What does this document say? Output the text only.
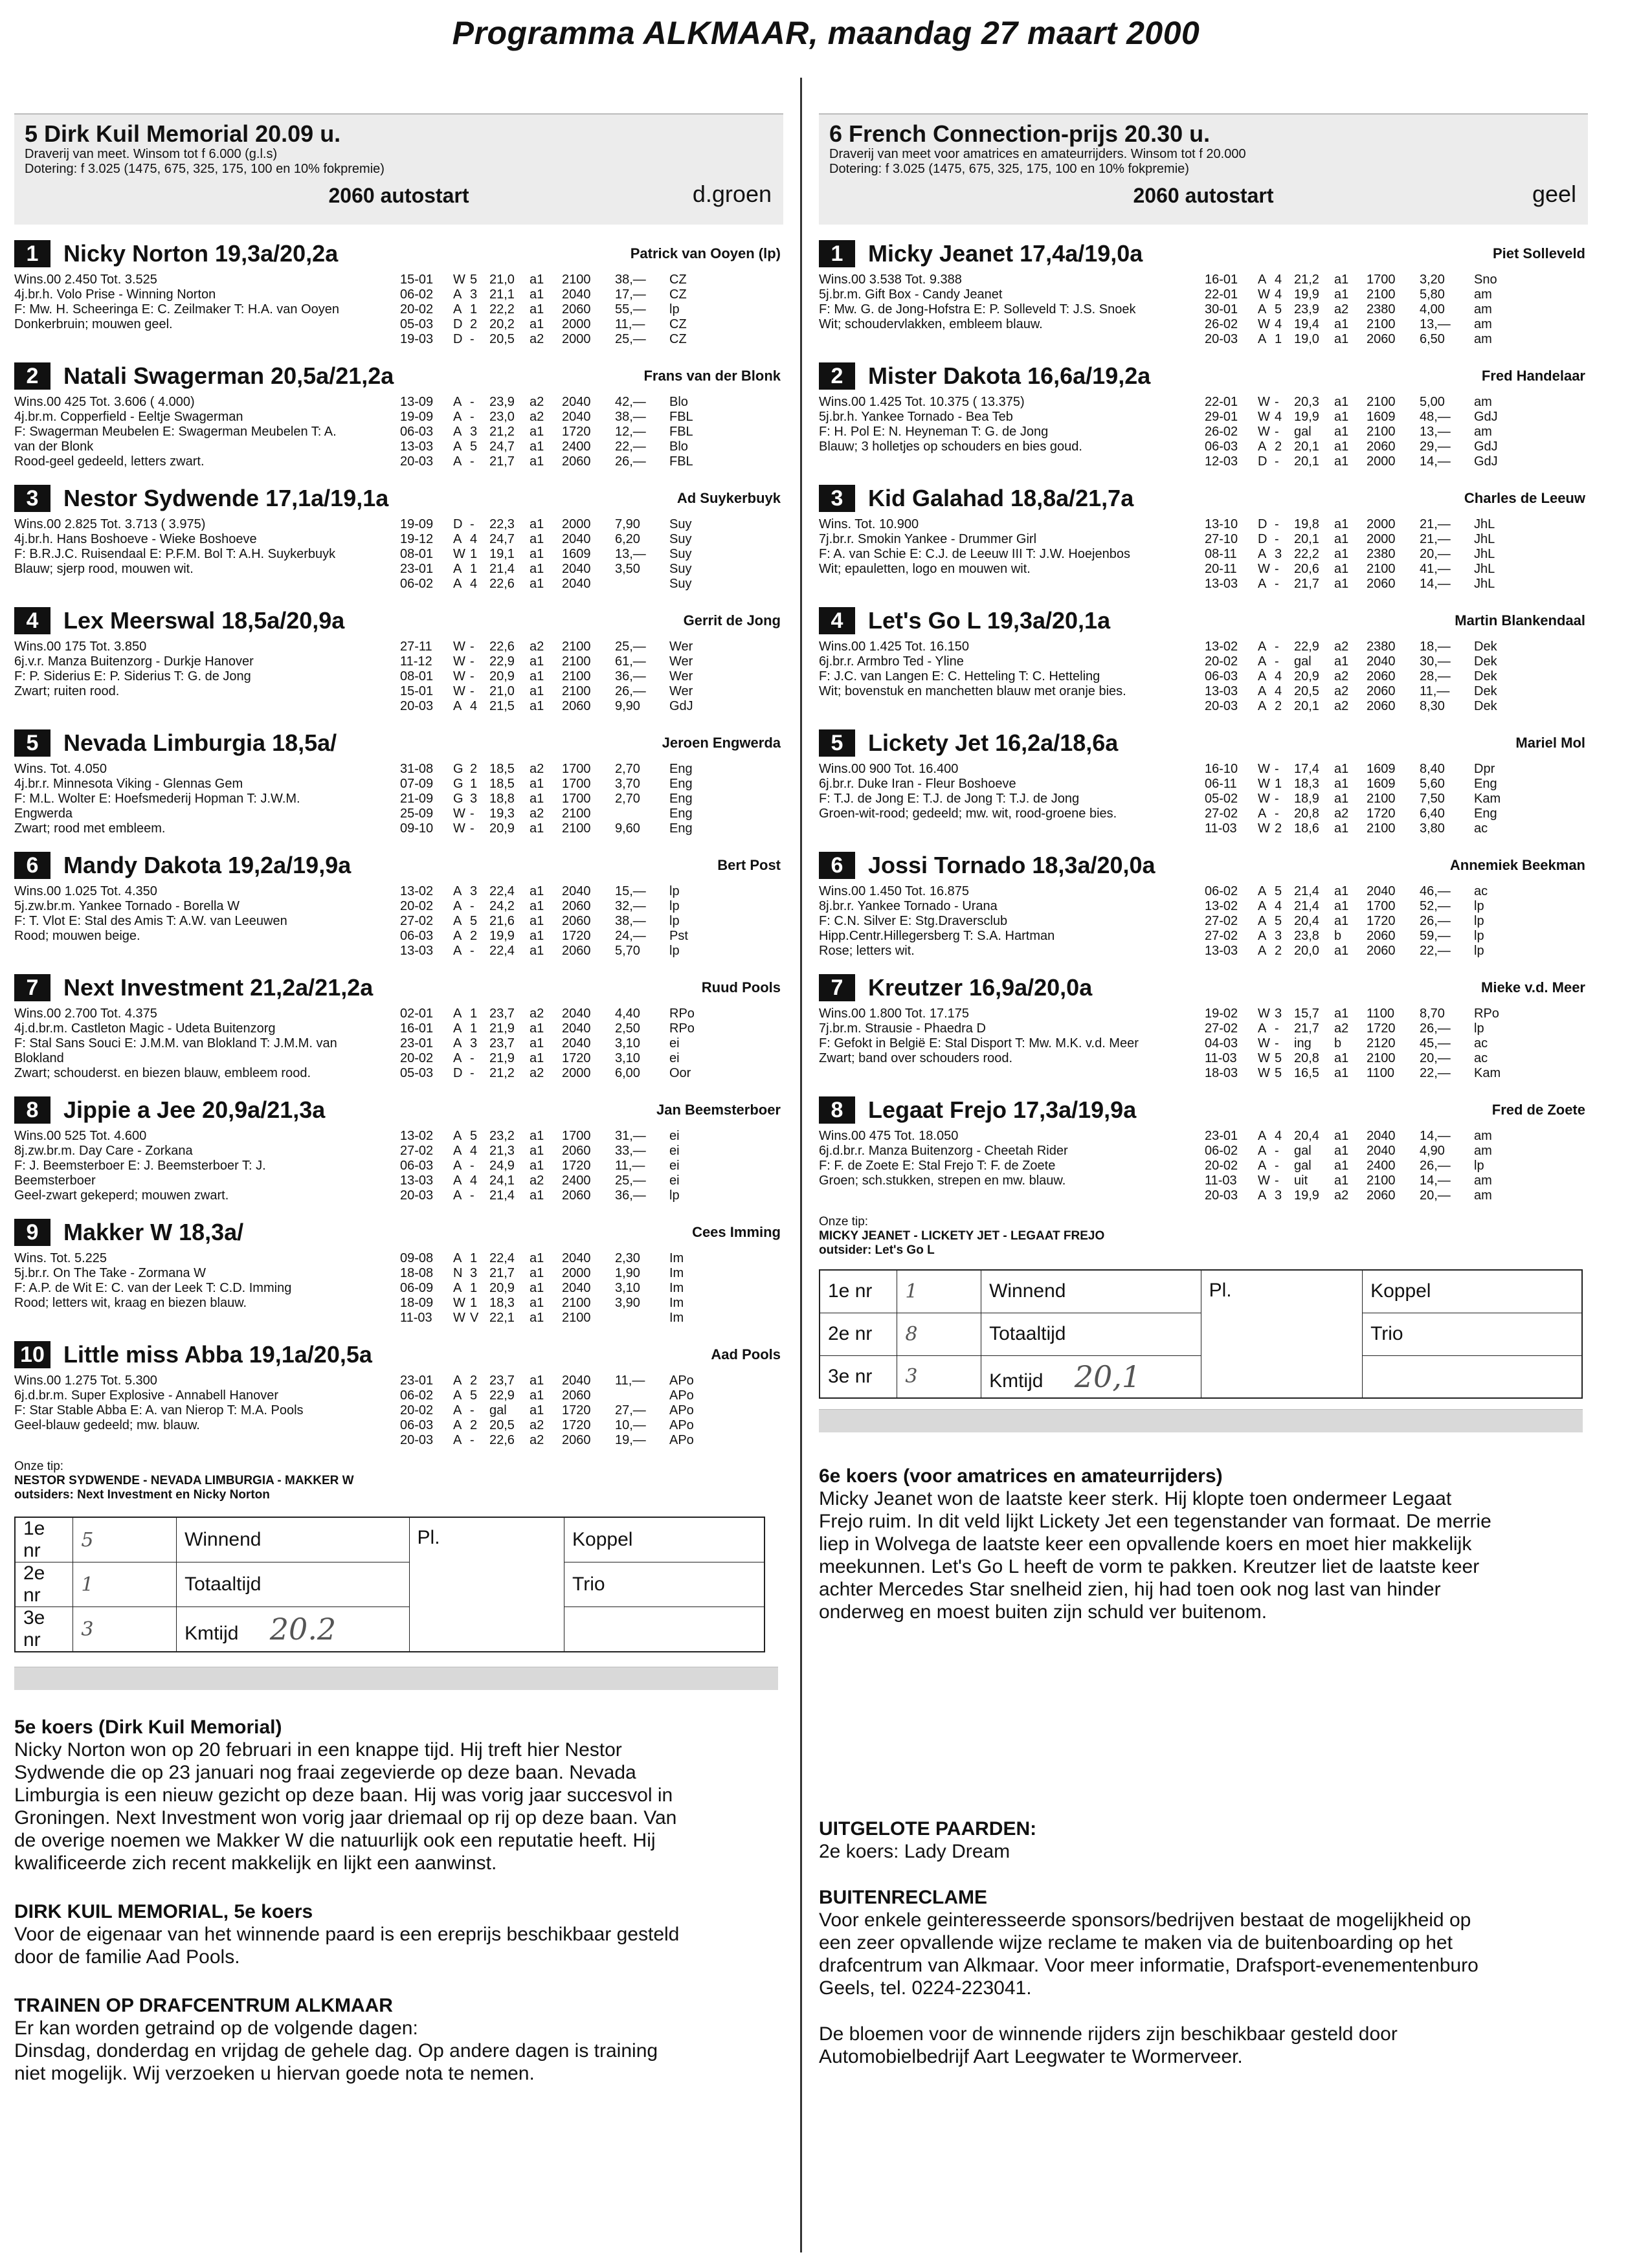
Programma ALKMAAR, maandag 27 maart 2000
5 Dirk Kuil Memorial 20.09 u.
Draverij van meet. Winsom tot f 6.000 (g.l.s)
Dotering: f 3.025 (1475, 675, 325, 175, 100 en 10% fokpremie)
2060 autostart	d.groen
1	Nicky Norton 19,3a/20,2a	Patrick van Ooyen (lp)
Wins.00 2.450 Tot. 3.525
4j.br.h. Volo Prise - Winning Norton
F: Mw. H. Scheeringa E: C. Zeilmaker T: H.A. van Ooyen
Donkerbruin; mouwen geel.
15-01	W	5	21,0	a1	2100	38,—	CZ
06-02	A	3	21,1	a1	2040	17,—	CZ
20-02	A	1	22,2	a1	2060	55,—	lp
05-03	D	2	20,2	a1	2000	11,—	CZ
19-03	D	-	20,5	a2	2000	25,—	CZ
2	Natali Swagerman 20,5a/21,2a	Frans van der Blonk
Wins.00 425 Tot. 3.606 ( 4.000)
4j.br.m. Copperfield - Eeltje Swagerman
F: Swagerman Meubelen E: Swagerman Meubelen T: A.
van der Blonk
Rood-geel gedeeld, letters zwart.
13-09	A	-	23,9	a2	2040	42,—	Blo
19-09	A	-	23,0	a2	2040	38,—	FBL
06-03	A	3	21,2	a1	1720	12,—	FBL
13-03	A	5	24,7	a1	2400	22,—	Blo
20-03	A	-	21,7	a1	2060	26,—	FBL
3	Nestor Sydwende 17,1a/19,1a	Ad Suykerbuyk
Wins.00 2.825 Tot. 3.713 ( 3.975)
4j.br.h. Hans Boshoeve - Wieke Boshoeve
F: B.R.J.C. Ruisendaal E: P.F.M. Bol T: A.H. Suykerbuyk
Blauw; sjerp rood, mouwen wit.
19-09	D	-	22,3	a1	2000	7,90	Suy
19-12	A	4	24,7	a1	2040	6,20	Suy
08-01	W	1	19,1	a1	1609	13,—	Suy
23-01	A	1	21,4	a1	2040	3,50	Suy
06-02	A	4	22,6	a1	2040		Suy
4	Lex Meerswal 18,5a/20,9a	Gerrit de Jong
Wins.00 175 Tot. 3.850
6j.v.r. Manza Buitenzorg - Durkje Hanover
F: P. Siderius E: P. Siderius T: G. de Jong
Zwart; ruiten rood.
27-11	W	-	22,6	a2	2100	25,—	Wer
11-12	W	-	22,9	a1	2100	61,—	Wer
08-01	W	-	20,9	a1	2100	36,—	Wer
15-01	W	-	21,0	a1	2100	26,—	Wer
20-03	A	4	21,5	a1	2060	9,90	GdJ
5	Nevada Limburgia 18,5a/	Jeroen Engwerda
Wins. Tot. 4.050
4j.br.r. Minnesota Viking - Glennas Gem
F: M.L. Wolter E: Hoefsmederij Hopman T: J.W.M.
Engwerda
Zwart; rood met embleem.
31-08	G	2	18,5	a2	1700	2,70	Eng
07-09	G	1	18,5	a1	1700	3,70	Eng
21-09	G	3	18,8	a1	1700	2,70	Eng
25-09	W	-	19,3	a2	2100		Eng
09-10	W	-	20,9	a1	2100	9,60	Eng
6	Mandy Dakota 19,2a/19,9a	Bert Post
Wins.00 1.025 Tot. 4.350
5j.zw.br.m. Yankee Tornado - Borella W
F: T. Vlot E: Stal des Amis T: A.W. van Leeuwen
Rood; mouwen beige.
13-02	A	3	22,4	a1	2040	15,—	lp
20-02	A	-	24,2	a1	2060	32,—	lp
27-02	A	5	21,6	a1	2060	38,—	lp
06-03	A	2	19,9	a1	1720	24,—	Pst
13-03	A	-	22,4	a1	2060	5,70	lp
7	Next Investment 21,2a/21,2a	Ruud Pools
Wins.00 2.700 Tot. 4.375
4j.d.br.m. Castleton Magic - Udeta Buitenzorg
F: Stal Sans Souci E: J.M.M. van Blokland T: J.M.M. van
Blokland
Zwart; schouderst. en biezen blauw, embleem rood.
02-01	A	1	23,7	a2	2040	4,40	RPo
16-01	A	1	21,9	a1	2040	2,50	RPo
23-01	A	3	23,7	a1	2040	3,10	ei
20-02	A	-	21,9	a1	1720	3,10	ei
05-03	D	-	21,2	a2	2000	6,00	Oor
8	Jippie a Jee 20,9a/21,3a	Jan Beemsterboer
Wins.00 525 Tot. 4.600
8j.zw.br.m. Day Care - Zorkana
F: J. Beemsterboer E: J. Beemsterboer T: J.
Beemsterboer
Geel-zwart gekeperd; mouwen zwart.
13-02	A	5	23,2	a1	1700	31,—	ei
27-02	A	4	21,3	a1	2060	33,—	ei
06-03	A	-	24,9	a1	1720	11,—	ei
13-03	A	4	24,1	a2	2400	25,—	ei
20-03	A	-	21,4	a1	2060	36,—	lp
9	Makker W 18,3a/	Cees Imming
Wins. Tot. 5.225
5j.br.r. On The Take - Zormana W
F: A.P. de Wit E: C. van der Leek T: C.D. Imming
Rood; letters wit, kraag en biezen blauw.
09-08	A	1	22,4	a1	2040	2,30	Im
18-08	N	3	21,7	a1	2000	1,90	Im
06-09	A	1	20,9	a1	2040	3,10	Im
18-09	W	1	18,3	a1	2100	3,90	Im
11-03	W	V	22,1	a1	2100		Im
10 Little miss Abba 19,1a/20,5a	Aad Pools
Wins.00 1.275 Tot. 5.300
6j.d.br.m. Super Explosive - Annabell Hanover
F: Star Stable Abba E: A. van Nierop T: M.A. Pools
Geel-blauw gedeeld; mw. blauw.
23-01	A	2	23,7	a1	2040	11,—	APo
06-02	A	5	22,9	a1	2060		APo
20-02	A	-	gal	a1	1720	27,—	APo
06-03	A	2	20,5	a2	1720	10,—	APo
20-03	A	-	22,6	a2	2060	19,—	APo
Onze tip:
NESTOR SYDWENDE - NEVADA LIMBURGIA - MAKKER W
outsiders: Next Investment en Nicky Norton
1e nr	5	Winnend	Pl.	Koppel
2e nr	1	Totaaltijd		Trio
3e nr	3	Kmtijd 20.2		
5e koers (Dirk Kuil Memorial)
Nicky Norton won op 20 februari in een knappe tijd. Hij treft hier Nestor
Sydwende die op 23 januari nog fraai zegevierde op deze baan. Nevada
Limburgia is een nieuw gezicht op deze baan. Hij was vorig jaar succesvol in
Groningen. Next Investment won vorig jaar driemaal op rij op deze baan. Van
de overige noemen we Makker W die natuurlijk ook een reputatie heeft. Hij
kwalificeerde zich recent makkelijk en lijkt een aanwinst.
DIRK KUIL MEMORIAL, 5e koers
Voor de eigenaar van het winnende paard is een ereprijs beschikbaar gesteld
door de familie Aad Pools.
TRAINEN OP DRAFCENTRUM ALKMAAR
Er kan worden getraind op de volgende dagen:
Dinsdag, donderdag en vrijdag de gehele dag. Op andere dagen is training
niet mogelijk. Wij verzoeken u hiervan goede nota te nemen.
6 French Connection-prijs 20.30 u.
Draverij van meet voor amatrices en amateurrijders. Winsom tot f 20.000
Dotering: f 3.025 (1475, 675, 325, 175, 100 en 10% fokpremie)
2060 autostart	geel
1	Micky Jeanet 17,4a/19,0a	Piet Solleveld
Wins.00 3.538 Tot. 9.388
5j.br.m. Gift Box - Candy Jeanet
F: Mw. G. de Jong-Hofstra E: P. Solleveld T: J.S. Snoek
Wit; schoudervlakken, embleem blauw.
16-01	A	4	21,2	a1	1700	3,20	Sno
22-01	W	4	19,9	a1	2100	5,80	am
30-01	A	5	23,9	a2	2380	4,00	am
26-02	W	4	19,4	a1	2100	13,—	am
20-03	A	1	19,0	a1	2060	6,50	am
2	Mister Dakota 16,6a/19,2a	Fred Handelaar
Wins.00 1.425 Tot. 10.375 ( 13.375)
5j.br.h. Yankee Tornado - Bea Teb
F: H. Pol E: N. Heyneman T: G. de Jong
Blauw; 3 holletjes op schouders en bies goud.
22-01	W	-	20,3	a1	2100	5,00	am
29-01	W	4	19,9	a1	1609	48,—	GdJ
26-02	W	-	gal	a1	2100	13,—	am
06-03	A	2	20,1	a1	2060	29,—	GdJ
12-03	D	-	20,1	a1	2000	14,—	GdJ
3	Kid Galahad 18,8a/21,7a	Charles de Leeuw
Wins. Tot. 10.900
7j.br.r. Smokin Yankee - Drummer Girl
F: A. van Schie E: C.J. de Leeuw III T: J.W. Hoejenbos
Wit; epauletten, logo en mouwen wit.
13-10	D	-	19,8	a1	2000	21,—	JhL
27-10	D	-	20,1	a1	2000	21,—	JhL
08-11	A	3	22,2	a1	2380	20,—	JhL
20-11	W	-	20,6	a1	2100	41,—	JhL
13-03	A	-	21,7	a1	2060	14,—	JhL
4	Let's Go L 19,3a/20,1a	Martin Blankendaal
Wins.00 1.425 Tot. 16.150
6j.br.r. Armbro Ted - Yline
F: J.C. van Langen E: C. Hetteling T: C. Hetteling
Wit; bovenstuk en manchetten blauw met oranje bies.
13-02	A	-	22,9	a2	2380	18,—	Dek
20-02	A	-	gal	a1	2040	30,—	Dek
06-03	A	4	20,9	a2	2060	28,—	Dek
13-03	A	4	20,5	a2	2060	11,—	Dek
20-03	A	2	20,1	a2	2060	8,30	Dek
5	Lickety Jet 16,2a/18,6a	Mariel Mol
Wins.00 900 Tot. 16.400
6j.br.r. Duke Iran - Fleur Boshoeve
F: T.J. de Jong E: T.J. de Jong T: T.J. de Jong
Groen-wit-rood; gedeeld; mw. wit, rood-groene bies.
16-10	W	-	17,4	a1	1609	8,40	Dpr
06-11	W	1	18,3	a1	1609	5,60	Eng
05-02	W	-	18,9	a1	2100	7,50	Kam
27-02	A	-	20,8	a2	1720	6,40	Eng
11-03	W	2	18,6	a1	2100	3,80	ac
6	Jossi Tornado 18,3a/20,0a	Annemiek Beekman
Wins.00 1.450 Tot. 16.875
8j.br.r. Yankee Tornado - Urana
F: C.N. Silver E: Stg.Draversclub
Hipp.Centr.Hillegersberg T: S.A. Hartman
Rose; letters wit.
06-02	A	5	21,4	a1	2040	46,—	ac
13-02	A	4	21,4	a1	1700	52,—	lp
27-02	A	5	20,4	a1	1720	26,—	lp
27-02	A	3	23,8	b	2060	59,—	lp
13-03	A	2	20,0	a1	2060	22,—	lp
7	Kreutzer 16,9a/20,0a	Mieke v.d. Meer
Wins.00 1.800 Tot. 17.175
7j.br.m. Strausie - Phaedra D
F: Gefokt in België E: Stal Disport T: Mw. M.K. v.d. Meer
Zwart; band over schouders rood.
19-02	W	3	15,7	a1	1100	8,70	RPo
27-02	A	-	21,7	a2	1720	26,—	lp
04-03	W	-	ing	b	2120	45,—	ac
11-03	W	5	20,8	a1	2100	20,—	ac
18-03	W	5	16,5	a1	1100	22,—	Kam
8	Legaat Frejo 17,3a/19,9a	Fred de Zoete
Wins.00 475 Tot. 18.050
6j.d.br.r. Manza Buitenzorg - Cheetah Rider
F: F. de Zoete E: Stal Frejo T: F. de Zoete
Groen; sch.stukken, strepen en mw. blauw.
23-01	A	4	20,4	a1	2040	14,—	am
06-02	A	-	gal	a1	2040	4,90	am
20-02	A	-	gal	a1	2400	26,—	lp
11-03	W	-	uit	a1	2100	14,—	am
20-03	A	3	19,9	a2	2060	20,—	am
Onze tip:
MICKY JEANET - LICKETY JET - LEGAAT FREJO
outsider: Let's Go L
1e nr	1	Winnend	Pl.	Koppel
2e nr	8	Totaaltijd		Trio
3e nr	3	Kmtijd 20,1		
6e koers (voor amatrices en amateurrijders)
Micky Jeanet won de laatste keer sterk. Hij klopte toen ondermeer Legaat
Frejo ruim. In dit veld lijkt Lickety Jet een tegenstander van formaat. De merrie
liep in Wolvega de laatste keer een opvallende koers en moet hier makkelijk
meekunnen. Let's Go L heeft de vorm te pakken. Kreutzer liet de laatste keer
achter Mercedes Star snelheid zien, hij had toen ook nog last van hinder
onderweg en moest buiten zijn schuld ver buitenom.
UITGELOTE PAARDEN:
2e koers: Lady Dream
BUITENRECLAME
Voor enkele geinteresseerde sponsors/bedrijven bestaat de mogelijkheid op
een zeer opvallende wijze reclame te maken via de buitenboarding op het
drafcentrum van Alkmaar. Voor meer informatie, Drafsport-evenementenburo
Geels, tel. 0224-223041.
De bloemen voor de winnende rijders zijn beschikbaar gesteld door
Automobielbedrijf Aart Leegwater te Wormerveer.
